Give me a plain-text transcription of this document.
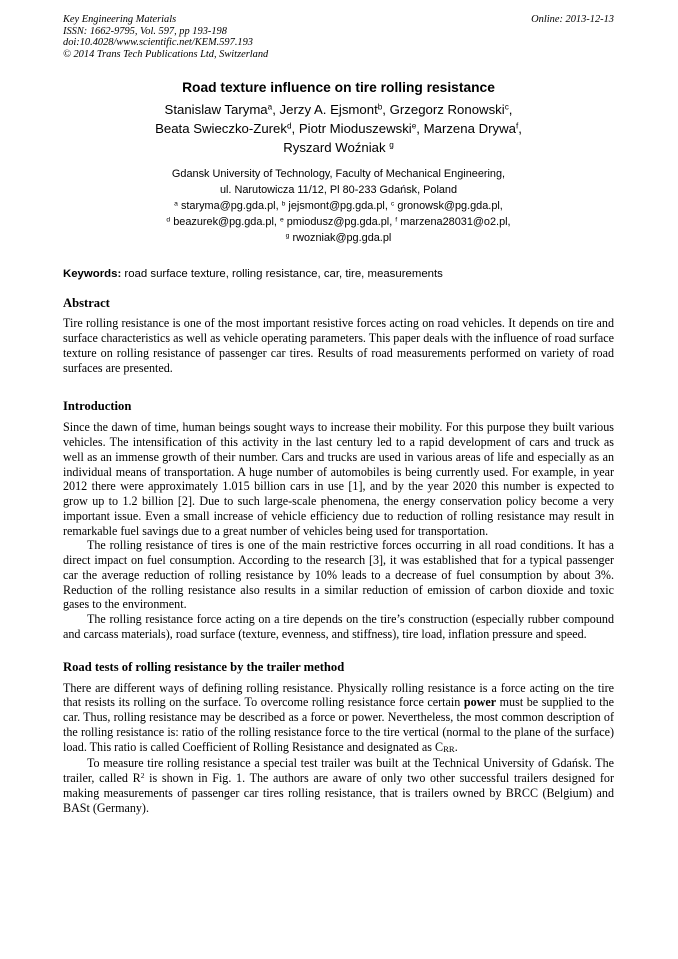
Key Engineering Materials
ISSN: 1662-9795, Vol. 597, pp 193-198
doi:10.4028/www.scientific.net/KEM.597.193
© 2014 Trans Tech Publications Ltd, Switzerland
Online: 2013-12-13
Road texture influence on tire rolling resistance
Stanislaw Taryma$^a$, Jerzy A. Ejsmont$^b$, Grzegorz Ronowski$^c$,
Beata Swieczko-Zurek$^d$, Piotr Mioduszewski$^e$, Marzena Drywa$^f$,
Ryszard Woźniak $^g$
Gdansk University of Technology, Faculty of Mechanical Engineering,
ul. Narutowicza 11/12, Pl 80-233 Gdańsk, Poland
$^a$ staryma@pg.gda.pl, $^b$ jejsmont@pg.gda.pl, $^c$ gronowsk@pg.gda.pl,
$^d$ beazurek@pg.gda.pl, $^e$ pmiodusz@pg.gda.pl, $^f$ marzena28031@o2.pl,
$^g$ rwozniak@pg.gda.pl
Keywords: road surface texture, rolling resistance, car, tire, measurements
Abstract

Tire rolling resistance is one of the most important resistive forces acting on road vehicles. It depends on tire and surface characteristics as well as vehicle operating parameters. This paper deals with the influence of road surface texture on rolling resistance of passenger car tires. Results of road measurements performed on variety of road surfaces are presented.

Introduction

Since the dawn of time, human beings sought ways to increase their mobility. For this purpose they built various vehicles. The intensification of this activity in the last century led to a rapid development of cars and truck as well as an immense growth of their number. Cars and trucks are used in various areas of life and especially as an individual means of transportation. A huge number of automobiles is being currently used. For example, in year 2012 there were approximately 1.015 billion cars in use [1], and by the year 2020 this number is expected to grow up to 1.2 billion [2]. Due to such large-scale phenomena, the energy conservation policy become a very important issue. Even a small increase of vehicle efficiency due to reduction of rolling resistance may result in remarkable fuel savings due to a great number of vehicles being used for transportation.

The rolling resistance of tires is one of the main restrictive forces occurring in all road conditions. It has a direct impact on fuel consumption. According to the research [3], it was established that for a typical passenger car the average reduction of rolling resistance by 10% leads to a decrease of fuel consumption by about 3%. Reduction of the rolling resistance also results in a similar reduction of emission of carbon dioxide and toxic gases to the environment.

The rolling resistance force acting on a tire depends on the tire’s construction (especially rubber compound and carcass materials), road surface (texture, evenness, and stiffness), tire load, inflation pressure and speed.

Road tests of rolling resistance by the trailer method

There are different ways of defining rolling resistance. Physically rolling resistance is a force acting on the tire that resists its rolling on the surface. To overcome rolling resistance force certain power must be supplied to the car. Thus, rolling resistance may be described as a force or power. Nevertheless, the most common description of the rolling resistance is: ratio of the rolling resistance force to the tire vertical (normal to the plane of the surface) load. This ratio is called Coefficient of Rolling Resistance and designated as CRR.

To measure tire rolling resistance a special test trailer was built at the Technical University of Gdańsk. The trailer, called $R^2$ is shown in Fig. 1. The authors are aware of only two other successful trailers designed for making measurements of passenger car tires rolling resistance, that is trailers owned by BRCC (Belgium) and BASt (Germany).
